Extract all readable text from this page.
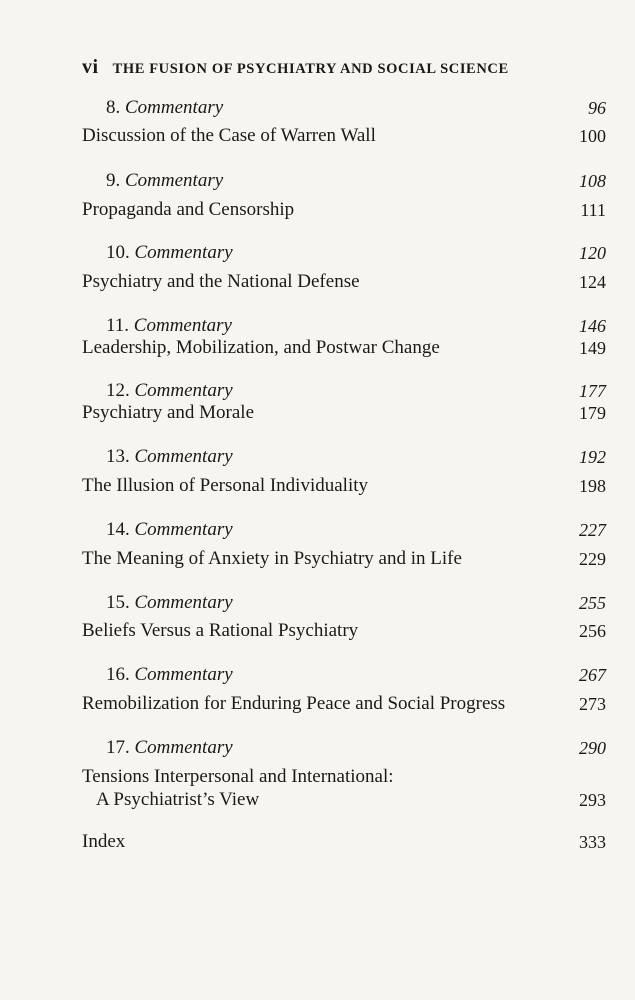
vi THE FUSION OF PSYCHIATRY AND SOCIAL SCIENCE
8. Commentary	96
Discussion of the Case of Warren Wall	100
9. Commentary	108
Propaganda and Censorship	111
10. Commentary	120
Psychiatry and the National Defense	124
11. Commentary	146
Leadership, Mobilization, and Postwar Change	149
12. Commentary	177
Psychiatry and Morale	179
13. Commentary	192
The Illusion of Personal Individuality	198
14. Commentary	227
The Meaning of Anxiety in Psychiatry and in Life	229
15. Commentary	255
Beliefs Versus a Rational Psychiatry	256
16. Commentary	267
Remobilization for Enduring Peace and Social Progress	273
17. Commentary	290
Tensions Interpersonal and International:
A Psychiatrist’s View	293
Index	333
